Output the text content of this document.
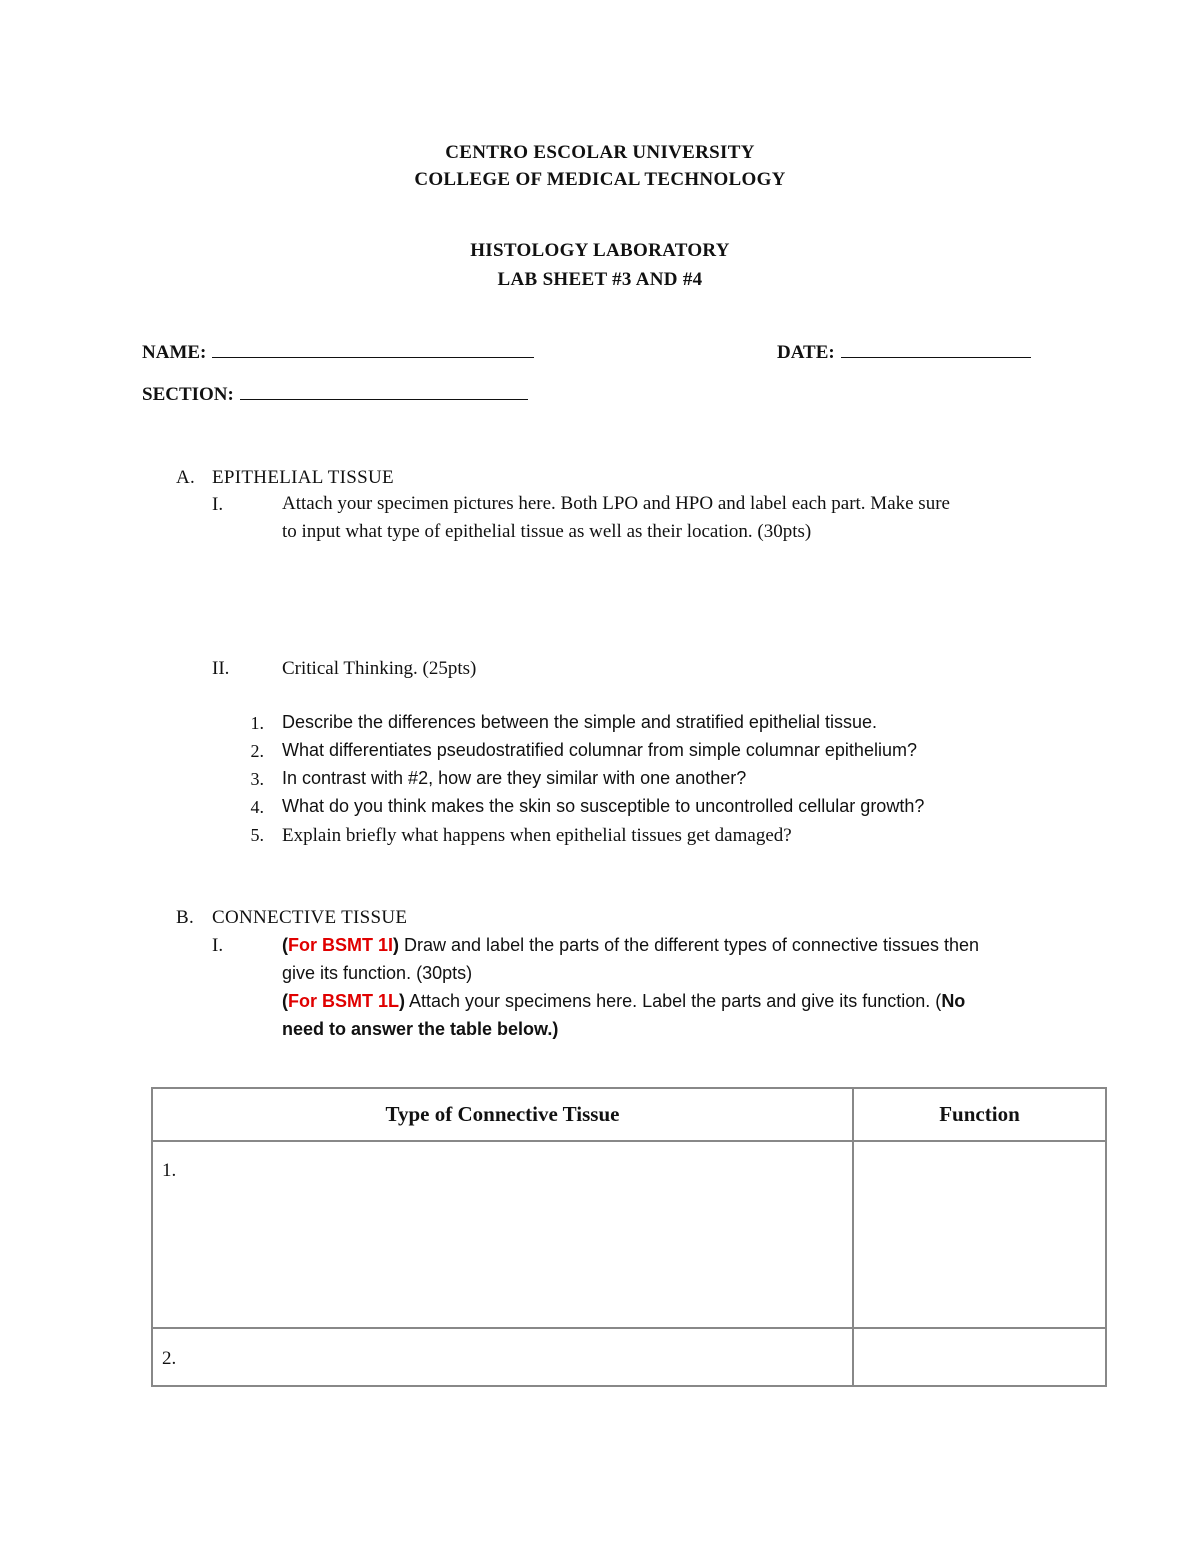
CENTRO ESCOLAR UNIVERSITY
COLLEGE OF MEDICAL TECHNOLOGY
HISTOLOGY LABORATORY
LAB SHEET #3 AND #4
NAME:	DATE:
SECTION:
A. EPITHELIAL TISSUE
I.	Attach your specimen pictures here. Both LPO and HPO and label each part. Make sure
to input what type of epithelial tissue as well as their location. (30pts)
II.	Critical Thinking. (25pts)
1. Describe the differences between the simple and stratified epithelial tissue.
2. What differentiates pseudostratified columnar from simple columnar epithelium?
3. In contrast with #2, how are they similar with one another?
4. What do you think makes the skin so susceptible to uncontrolled cellular growth?
5. Explain briefly what happens when epithelial tissues get damaged?
B. CONNECTIVE TISSUE
I.	(For BSMT 1I) Draw and label the parts of the different types of connective tissues then
give its function. (30pts)
(For BSMT 1L) Attach your specimens here. Label the parts and give its function. (No
need to answer the table below.)
Type of Connective Tissue	Function

1.	

2.	
